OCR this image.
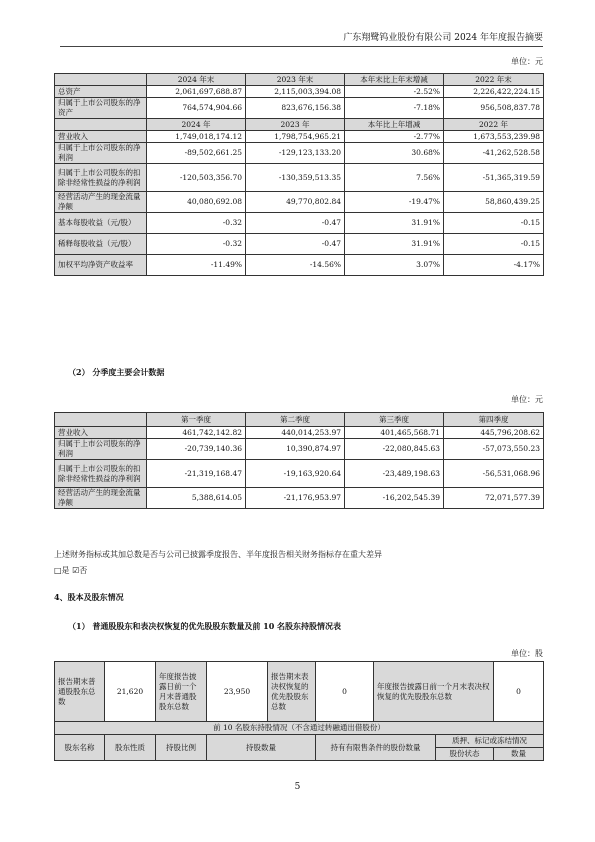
广东翔鹭钨业股份有限公司 2024 年年度报告摘要
单位：元
	2024 年末	2023 年末	本年末比上年末增减	2022 年末
总资产	2,061,697,688.87	2,115,003,394.08	-2.52%	2,226,422,224.15
归属于上市公司股东的净资产	764,574,904.66	823,676,156.38	-7.18%	956,508,837.78
	2024 年	2023 年	本年比上年增减	2022 年
营业收入	1,749,018,174.12	1,798,754,965.21	-2.77%	1,673,553,239.98
归属于上市公司股东的净利润	-89,502,661.25	-129,123,133.20	30.68%	-41,262,528.58
归属于上市公司股东的扣除非经常性损益的净利润	-120,503,356.70	-130,359,513.35	7.56%	-51,365,319.59
经营活动产生的现金流量净额	40,080,692.08	49,770,802.84	-19.47%	58,860,439.25
基本每股收益（元/股）	-0.32	-0.47	31.91%	-0.15
稀释每股收益（元/股）	-0.32	-0.47	31.91%	-0.15
加权平均净资产收益率	-11.49%	-14.56%	3.07%	-4.17%
（2） 分季度主要会计数据
单位：元
	第一季度	第二季度	第三季度	第四季度
营业收入	461,742,142.82	440,014,253.97	401,465,568.71	445,796,208.62
归属于上市公司股东的净利润	-20,739,140.36	10,390,874.97	-22,080,845.63	-57,073,550.23
归属于上市公司股东的扣除非经常性损益的净利润	-21,319,168.47	-19,163,920.64	-23,489,198.63	-56,531,068.96
经营活动产生的现金流量净额	5,388,614.05	-21,176,953.97	-16,202,545.39	72,071,577.39
上述财务指标或其加总数是否与公司已披露季度报告、半年度报告相关财务指标存在重大差异
□是 ☑否
4、股本及股东情况
（1） 普通股股东和表决权恢复的优先股股东数量及前 10 名股东持股情况表
单位：股
报告期末普通股股东总数	21,620	年度报告披露日前一个月末普通股股东总数	23,950	报告期末表决权恢复的优先股股东总数	0	年度报告披露日前一个月末表决权恢复的优先股股东总数		0
前 10 名股东持股情况（不含通过转融通出借股份）								
股东名称	股东性质	持股比例	持股数量		持有有限售条件的股份数量		质押、标记或冻结情况	
							股份状态	数量
5
